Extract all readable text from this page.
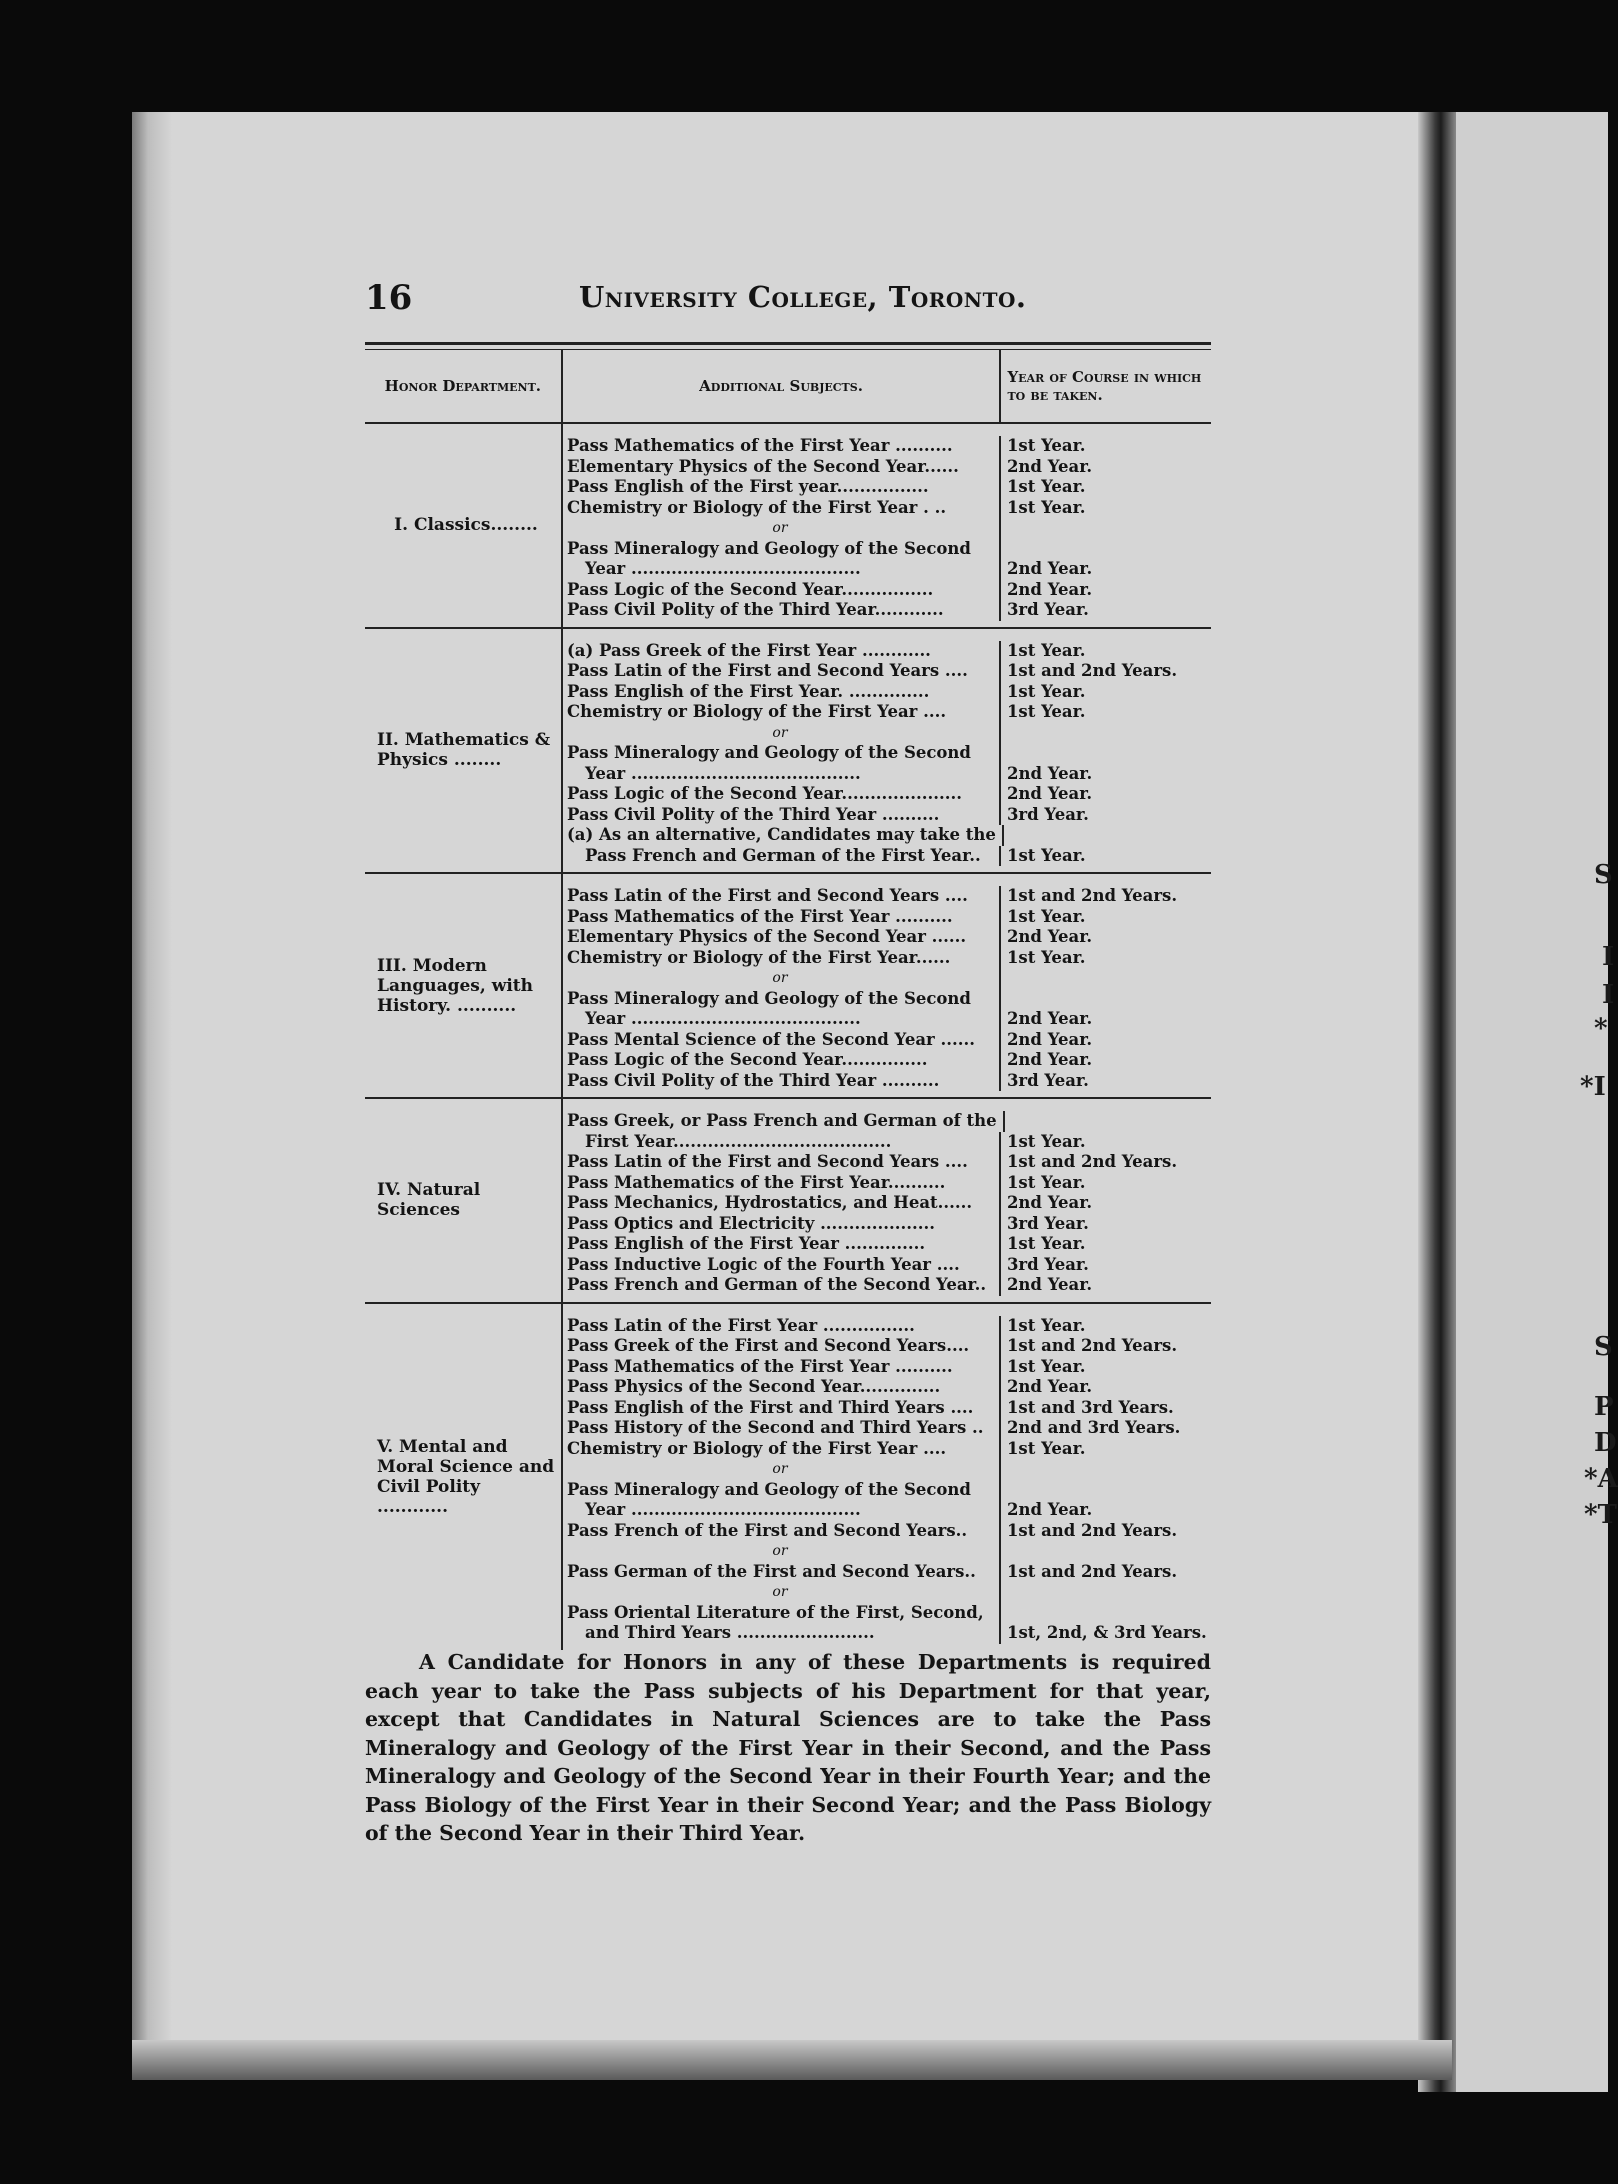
S
I
I
*
*I
S
P
D
*A
*T
16	University College, Toronto.
Honor Department.	Additional Subjects.	Year of Course in which to be taken.
I. Classics........
Pass Mathematics of the First Year ..........	1st Year.
Elementary Physics of the Second Year......	2nd Year.
Pass English of the First year................	1st Year.
Chemistry or Biology of the First Year . ..	1st Year.
or
Pass Mineralogy and Geology of the Second
Year ........................................	2nd Year.
Pass Logic of the Second Year................	2nd Year.
Pass Civil Polity of the Third Year............	3rd Year.
II. Mathematics & Physics ........
(a) Pass Greek of the First Year ............	1st Year.
Pass Latin of the First and Second Years ....	1st and 2nd Years.
Pass English of the First Year. ..............	1st Year.
Chemistry or Biology of the First Year ....	1st Year.
or
Pass Mineralogy and Geology of the Second
Year ........................................	2nd Year.
Pass Logic of the Second Year.....................	2nd Year.
Pass Civil Polity of the Third Year ..........	3rd Year.
(a) As an alternative, Candidates may take the
Pass French and German of the First Year..	1st Year.
III. Modern Languages, with History. ..........
Pass Latin of the First and Second Years ....	1st and 2nd Years.
Pass Mathematics of the First Year ..........	1st Year.
Elementary Physics of the Second Year ......	2nd Year.
Chemistry or Biology of the First Year......	1st Year.
or
Pass Mineralogy and Geology of the Second
Year ........................................	2nd Year.
Pass Mental Science of the Second Year ......	2nd Year.
Pass Logic of the Second Year...............	2nd Year.
Pass Civil Polity of the Third Year ..........	3rd Year.
IV. Natural Sciences
Pass Greek, or Pass French and German of the
First Year......................................	1st Year.
Pass Latin of the First and Second Years ....	1st and 2nd Years.
Pass Mathematics of the First Year..........	1st Year.
Pass Mechanics, Hydrostatics, and Heat......	2nd Year.
Pass Optics and Electricity ....................	3rd Year.
Pass English of the First Year ..............	1st Year.
Pass Inductive Logic of the Fourth Year ....	3rd Year.
Pass French and German of the Second Year..	2nd Year.
V. Mental and Moral Science and Civil Polity ............
Pass Latin of the First Year ................	1st Year.
Pass Greek of the First and Second Years....	1st and 2nd Years.
Pass Mathematics of the First Year ..........	1st Year.
Pass Physics of the Second Year..............	2nd Year.
Pass English of the First and Third Years ....	1st and 3rd Years.
Pass History of the Second and Third Years ..	2nd and 3rd Years.
Chemistry or Biology of the First Year ....	1st Year.
or
Pass Mineralogy and Geology of the Second
Year ........................................	2nd Year.
Pass French of the First and Second Years..	1st and 2nd Years.
or
Pass German of the First and Second Years..	1st and 2nd Years.
or
Pass Oriental Literature of the First, Second,
and Third Years ........................	1st, 2nd, & 3rd Years.

A Candidate for Honors in any of these Departments is required each year to take the Pass subjects of his Department for that year, except that Candidates in Natural Sciences are to take the Pass Mineralogy and Geology of the First Year in their Second, and the Pass Mineralogy and Geology of the Second Year in their Fourth Year; and the Pass Biology of the First Year in their Second Year; and the Pass Biology of the Second Year in their Third Year.
